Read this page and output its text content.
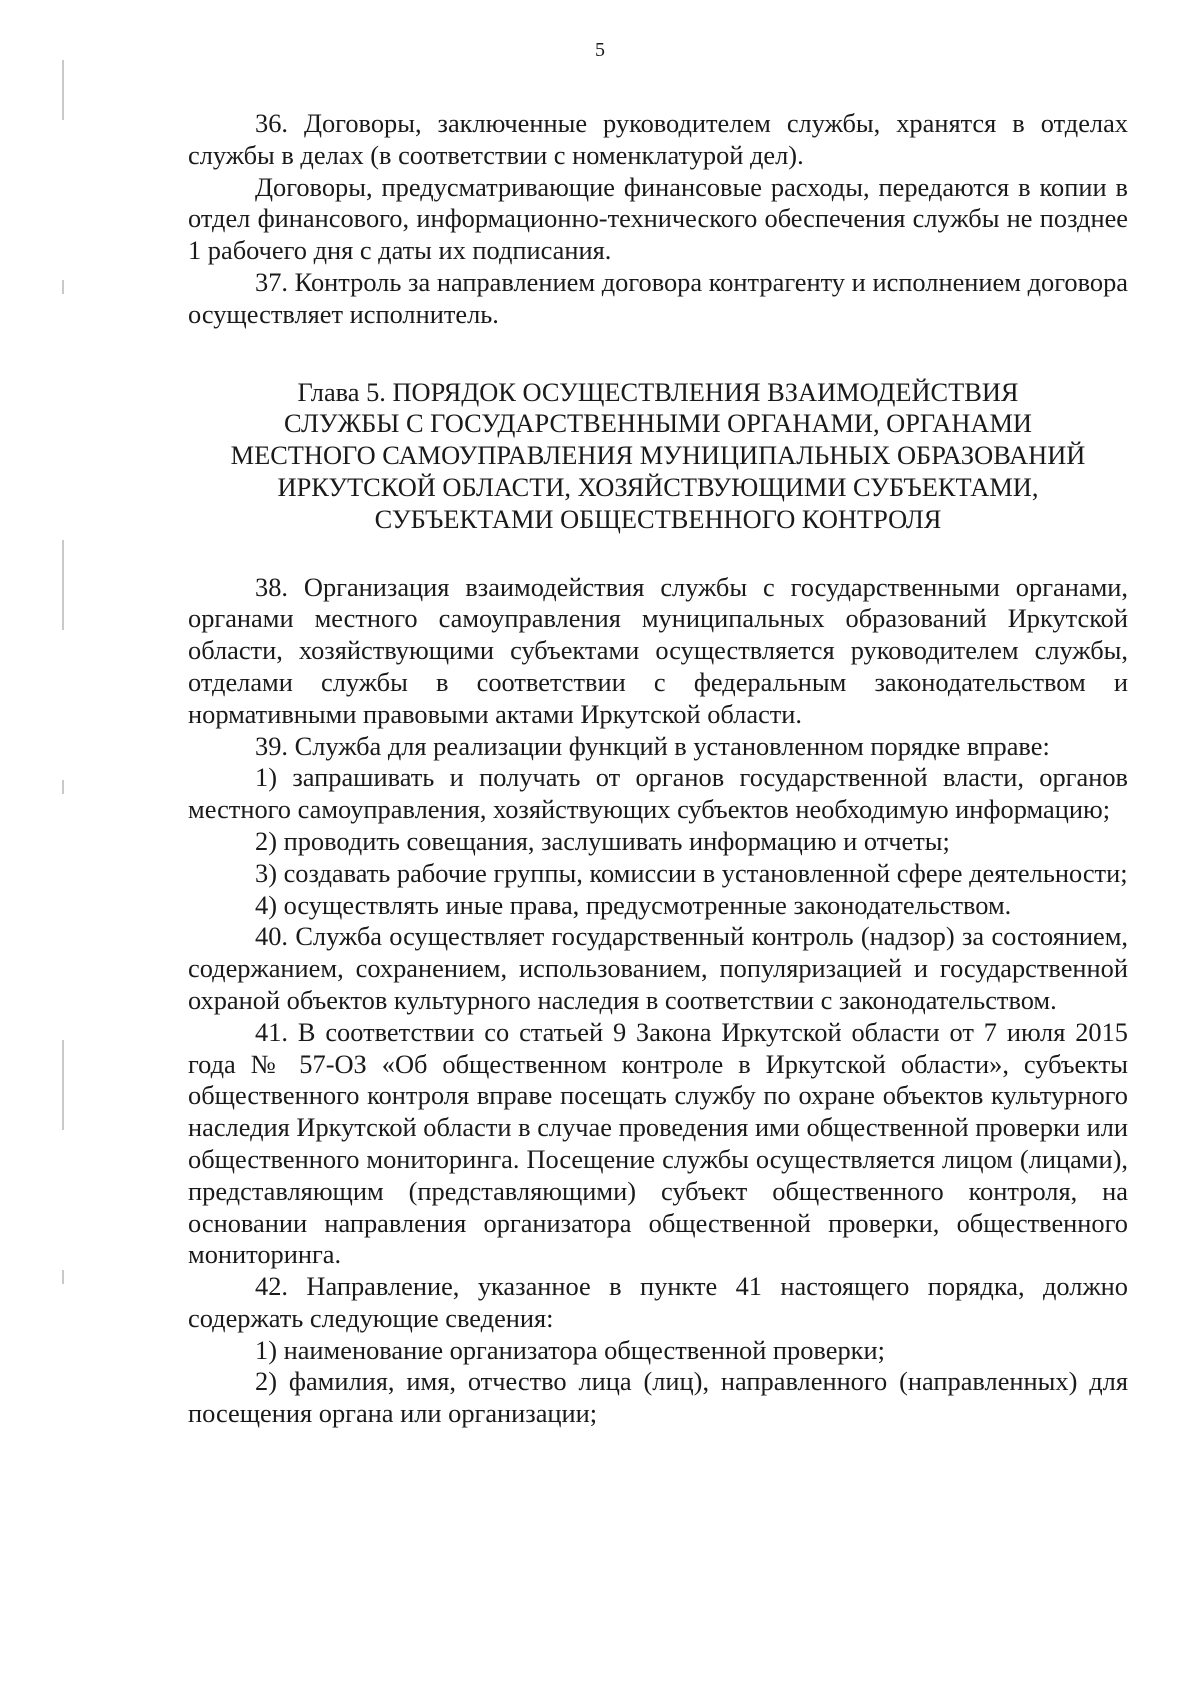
5

36. Договоры, заключенные руководителем службы, хранятся в отделах службы в делах (в соответствии с номенклатурой дел).

Договоры, предусматривающие финансовые расходы, передаются в копии в отдел финансового, информационно-технического обеспечения службы не позднее 1 рабочего дня с даты их подписания.

37. Контроль за направлением договора контрагенту и исполнением договора осуществляет исполнитель.

Глава 5. ПОРЯДОК ОСУЩЕСТВЛЕНИЯ ВЗАИМОДЕЙСТВИЯ
СЛУЖБЫ С ГОСУДАРСТВЕННЫМИ ОРГАНАМИ, ОРГАНАМИ
МЕСТНОГО САМОУПРАВЛЕНИЯ МУНИЦИПАЛЬНЫХ ОБРАЗОВАНИЙ
ИРКУТСКОЙ ОБЛАСТИ, ХОЗЯЙСТВУЮЩИМИ СУБЪЕКТАМИ,
СУБЪЕКТАМИ ОБЩЕСТВЕННОГО КОНТРОЛЯ

38. Организация взаимодействия службы с государственными органами, органами местного самоуправления муниципальных образований Иркутской области, хозяйствующими субъектами осуществляется руководителем службы, отделами службы в соответствии с федеральным законодательством и нормативными правовыми актами Иркутской области.

39. Служба для реализации функций в установленном порядке вправе:

1) запрашивать и получать от органов государственной власти, органов местного самоуправления, хозяйствующих субъектов необходимую информацию;

2) проводить совещания, заслушивать информацию и отчеты;

3) создавать рабочие группы, комиссии в установленной сфере деятельности;

4) осуществлять иные права, предусмотренные законодательством.

40. Служба осуществляет государственный контроль (надзор) за состоянием, содержанием, сохранением, использованием, популяризацией и государственной охраной объектов культурного наследия в соответствии с законодательством.

41. В соответствии со статьей 9 Закона Иркутской области от 7 июля 2015 года № 57-ОЗ «Об общественном контроле в Иркутской области», субъекты общественного контроля вправе посещать службу по охране объектов культурного наследия Иркутской области в случае проведения ими общественной проверки или общественного мониторинга. Посещение службы осуществляется лицом (лицами), представляющим (представляющими) субъект общественного контроля, на основании направления организатора общественной проверки, общественного мониторинга.

42. Направление, указанное в пункте 41 настоящего порядка, должно содержать следующие сведения:

1) наименование организатора общественной проверки;

2) фамилия, имя, отчество лица (лиц), направленного (направленных) для посещения органа или организации;
